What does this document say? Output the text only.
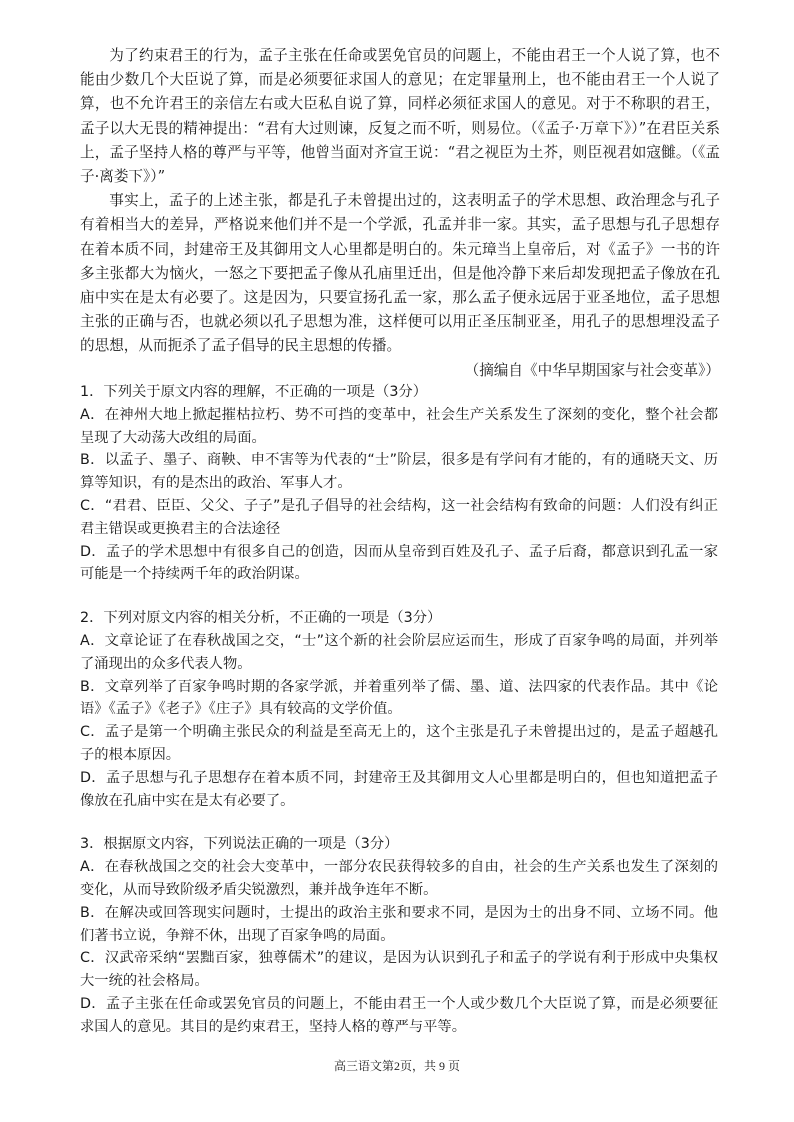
为了约束君王的行为，孟子主张在任命或罢免官员的问题上，不能由君王一个人说了算，也不能由少数几个大臣说了算，而是必须要征求国人的意见；在定罪量刑上，也不能由君王一个人说了算，也不允许君王的亲信左右或大臣私自说了算，同样必须征求国人的意见。对于不称职的君王，孟子以大无畏的精神提出：“君有大过则谏，反复之而不听，则易位。（《孟子·万章下》）”在君臣关系上，孟子坚持人格的尊严与平等，他曾当面对齐宣王说：“君之视臣为土芥，则臣视君如寇雠。（《孟子·离娄下》）”

事实上，孟子的上述主张，都是孔子未曾提出过的，这表明孟子的学术思想、政治理念与孔子有着相当大的差异，严格说来他们并不是一个学派，孔孟并非一家。其实，孟子思想与孔子思想存在着本质不同，封建帝王及其御用文人心里都是明白的。朱元璋当上皇帝后，对《孟子》一书的许多主张都大为恼火，一怒之下要把孟子像从孔庙里迁出，但是他冷静下来后却发现把孟子像放在孔庙中实在是太有必要了。这是因为，只要宣扬孔孟一家，那么孟子便永远居于亚圣地位，孟子思想主张的正确与否，也就必须以孔子思想为准，这样便可以用正圣压制亚圣，用孔子的思想埋没孟子的思想，从而扼杀了孟子倡导的民主思想的传播。

（摘编自《中华早期国家与社会变革》）
1．下列关于原文内容的理解，不正确的一项是（3分）
A．在神州大地上掀起摧枯拉朽、势不可挡的变革中，社会生产关系发生了深刻的变化，整个社会都呈现了大动荡大改组的局面。
B．以孟子、墨子、商鞅、申不害等为代表的“士”阶层，很多是有学问有才能的，有的通晓天文、历算等知识，有的是杰出的政治、军事人才。
C．“君君、臣臣、父父、子子”是孔子倡导的社会结构，这一社会结构有致命的问题：人们没有纠正君主错误或更换君主的合法途径
D．孟子的学术思想中有很多自己的创造，因而从皇帝到百姓及孔子、孟子后裔，都意识到孔孟一家可能是一个持续两千年的政治阴谋。
2．下列对原文内容的相关分析，不正确的一项是（3分）
A．文章论证了在春秋战国之交，“士”这个新的社会阶层应运而生，形成了百家争鸣的局面，并列举了涌现出的众多代表人物。
B．文章列举了百家争鸣时期的各家学派，并着重列举了儒、墨、道、法四家的代表作品。其中《论语》《孟子》《老子》《庄子》具有较高的文学价值。
C．孟子是第一个明确主张民众的利益是至高无上的，这个主张是孔子未曾提出过的，是孟子超越孔子的根本原因。
D．孟子思想与孔子思想存在着本质不同，封建帝王及其御用文人心里都是明白的，但也知道把孟子像放在孔庙中实在是太有必要了。
3．根据原文内容，下列说法正确的一项是（3分）
A．在春秋战国之交的社会大变革中，一部分农民获得较多的自由，社会的生产关系也发生了深刻的变化，从而导致阶级矛盾尖锐激烈，兼并战争连年不断。
B．在解决或回答现实问题时，士提出的政治主张和要求不同，是因为士的出身不同、立场不同。他们著书立说，争辩不休，出现了百家争鸣的局面。
C．汉武帝采纳“罢黜百家，独尊儒术”的建议，是因为认识到孔子和孟子的学说有利于形成中央集权大一统的社会格局。
D．孟子主张在任命或罢免官员的问题上，不能由君王一个人或少数几个大臣说了算，而是必须要征求国人的意见。其目的是约束君王，坚持人格的尊严与平等。
高三语文第2页，共 9 页
